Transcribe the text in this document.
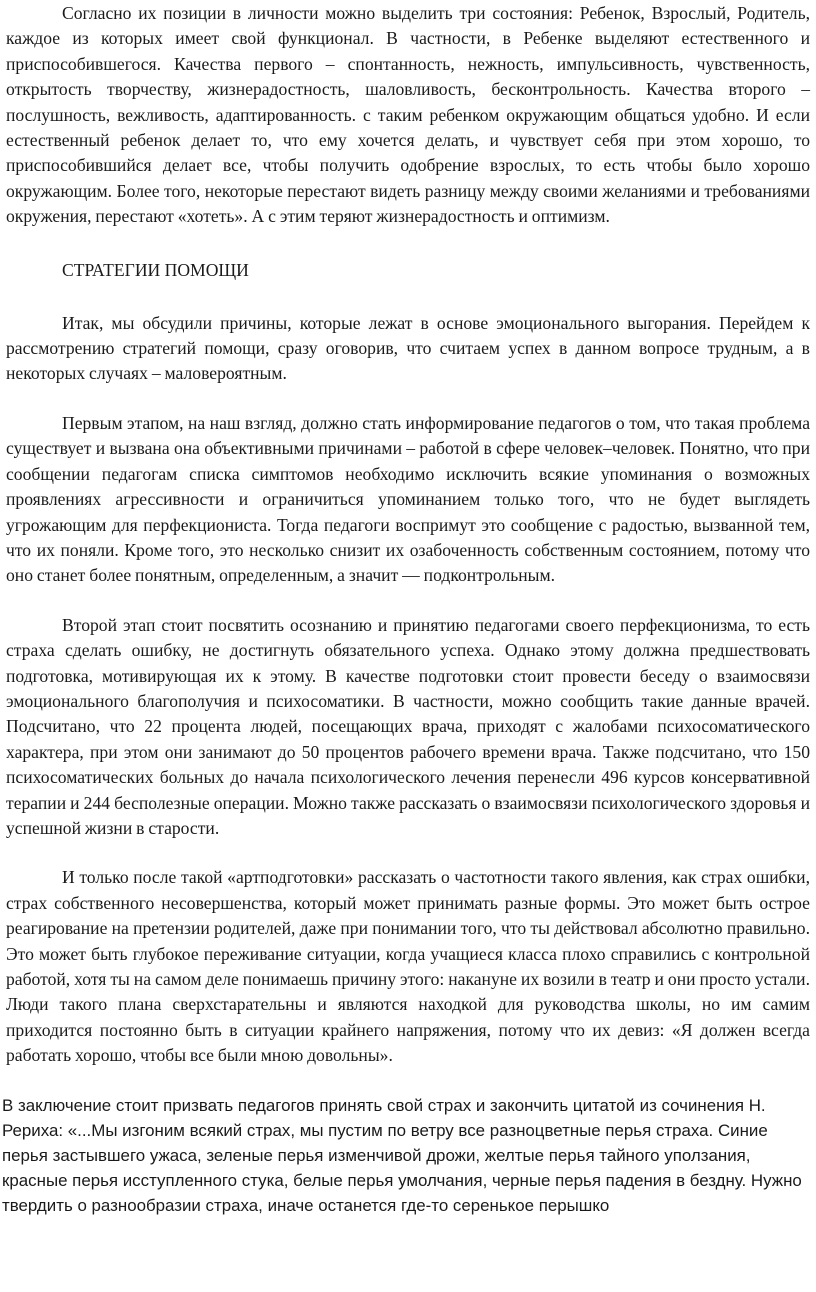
Согласно их позиции в личности можно выделить три состояния: Ребенок, Взрослый, Родитель, каждое из которых имеет свой функционал. В частности, в Ребенке выделяют естественного и приспособившегося. Качества первого – спонтанность, нежность, импульсивность, чувственность, открытость творчеству, жизнерадостность, шаловливость, бесконтрольность. Качества второго – послушность, вежливость, адаптированность. с таким ребенком окружающим общаться удобно. И если естественный ребенок делает то, что ему хочется делать, и чувствует себя при этом хорошо, то приспособившийся делает все, чтобы получить одобрение взрослых, то есть чтобы было хорошо окружающим. Более того, некоторые перестают видеть разницу между своими желаниями и требованиями окружения, перестают «хотеть». А с этим теряют жизнерадостность и оптимизм.

СТРАТЕГИИ ПОМОЩИ

Итак, мы обсудили причины, которые лежат в основе эмоционального выгорания. Перейдем к рассмотрению стратегий помощи, сразу оговорив, что считаем успех в данном вопросе трудным, а в некоторых случаях – маловероятным.

Первым этапом, на наш взгляд, должно стать информирование педагогов о том, что такая проблема существует и вызвана она объективными причинами – работой в сфере человек–человек. Понятно, что при сообщении педагогам списка симптомов необходимо исключить всякие упоминания о возможных проявлениях агрессивности и ограничиться упоминанием только того, что не будет выглядеть угрожающим для перфекциониста. Тогда педагоги воспримут это сообщение с радостью, вызванной тем, что их поняли. Кроме того, это несколько снизит их озабоченность собственным состоянием, потому что оно станет более понятным, определенным, а значит — подконтрольным.

Второй этап стоит посвятить осознанию и принятию педагогами своего перфекционизма, то есть страха сделать ошибку, не достигнуть обязательного успеха. Однако этому должна предшествовать подготовка, мотивирующая их к этому. В качестве подготовки стоит провести беседу о взаимосвязи эмоционального благополучия и психосоматики. В частности, можно сообщить такие данные врачей. Подсчитано, что 22 процента людей, посещающих врача, приходят с жалобами психосоматического характера, при этом они занимают до 50 процентов рабочего времени врача. Также подсчитано, что 150 психосоматических больных до начала психологического лечения перенесли 496 курсов консервативной терапии и 244 бесполезные операции. Можно также рассказать о взаимосвязи психологического здоровья и успешной жизни в старости.

И только после такой «артподготовки» рассказать о частотности такого явления, как страх ошибки, страх собственного несовершенства, который может принимать разные формы. Это может быть острое реагирование на претензии родителей, даже при понимании того, что ты действовал абсолютно правильно. Это может быть глубокое переживание ситуации, когда учащиеся класса плохо справились с контрольной работой, хотя ты на самом деле понимаешь причину этого: накануне их возили в театр и они просто устали. Люди такого плана сверхстарательны и являются находкой для руководства школы, но им самим приходится постоянно быть в ситуации крайнего напряжения, потому что их девиз: «Я должен всегда работать хорошо, чтобы все были мною довольны».

В заключение стоит призвать педагогов принять свой страх и закончить цитатой из сочинения Н. Рериха: «...Мы изгоним всякий страх, мы пустим по ветру все разноцветные перья страха. Синие перья застывшего ужаса, зеленые перья изменчивой дрожи, желтые перья тайного уползания, красные перья исступленного стука, белые перья умолчания, черные перья падения в бездну. Нужно твердить о разнообразии страха, иначе останется где-то серенькое перышко
